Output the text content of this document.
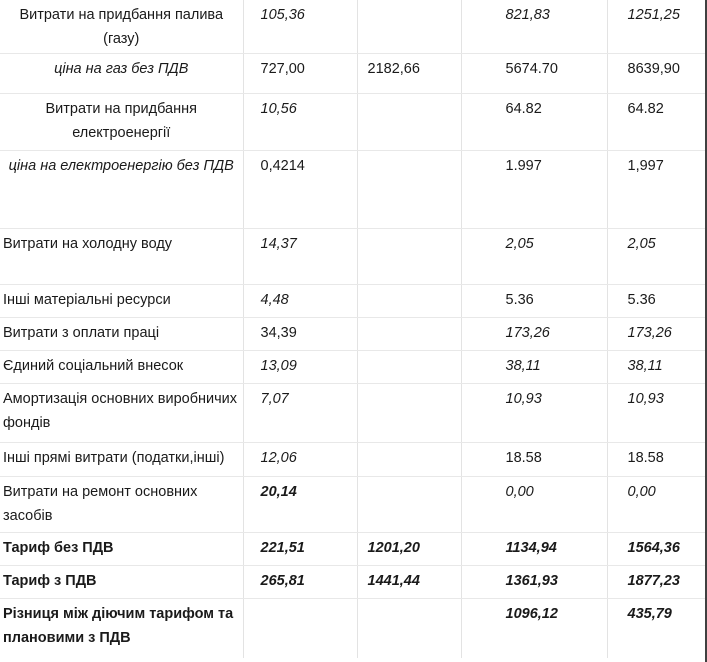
Витрати на придбання палива (газу)	105,36		821,83	1251,25
ціна на газ без ПДВ	727,00	2182,66	5674.70	8639,90
Витрати на придбання електроенергії	10,56		64.82	64.82
ціна на електроенергію без ПДВ	0,4214		1.997	1,997
Витрати на холодну воду	14,37		2,05	2,05
Інші матеріальні ресурси	4,48		5.36	5.36
Витрати з оплати праці	34,39		173,26	173,26
Єдиний соціальний внесок	13,09		38,11	38,11
Амортизація основних виробничих фондів	7,07		10,93	10,93
Інші прямі витрати (податки,інші)	12,06		18.58	18.58
Витрати на ремонт основних засобів	20,14		0,00	0,00
Тариф без ПДВ	221,51	1201,20	1134,94	1564,36
Тариф з ПДВ	265,81	1441,44	1361,93	1877,23
Різниця між діючим тарифом та плановими з ПДВ			1096,12	435,79
